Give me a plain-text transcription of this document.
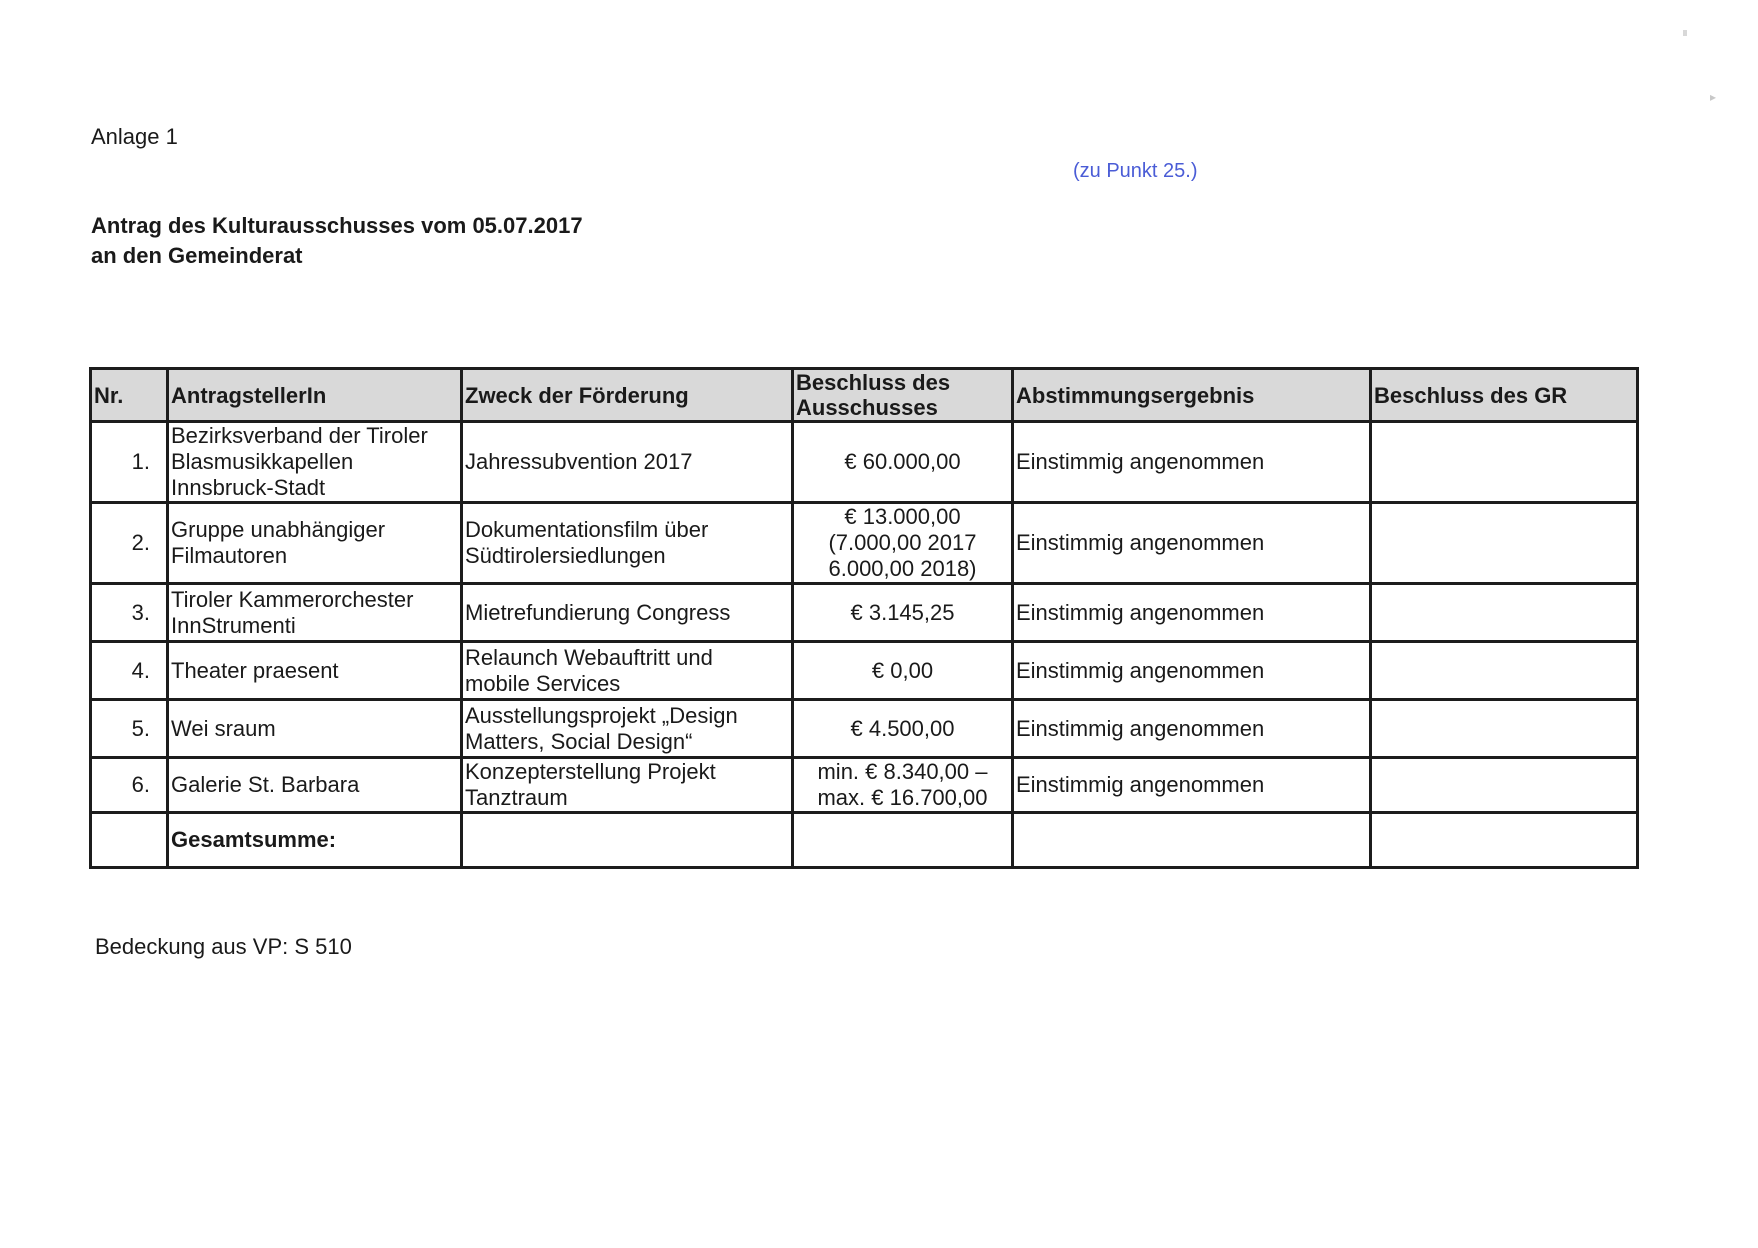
▸
Anlage 1
(zu Punkt 25.)
Antrag des Kulturausschusses vom 05.07.2017
an den Gemeinderat
Nr.	AntragstellerIn	Zweck der Förderung	Beschluss des
Ausschusses	Abstimmungsergebnis	Beschluss des GR
1.	Bezirksverband der Tiroler
Blasmusikkapellen
Innsbruck-Stadt	Jahressubvention 2017	€ 60.000,00	Einstimmig angenommen	
2.	Gruppe unabhängiger
Filmautoren	Dokumentationsfilm über
Südtirolersiedlungen	€ 13.000,00
(7.000,00 2017
6.000,00 2018)	Einstimmig angenommen	
3.	Tiroler Kammerorchester
InnStrumenti	Mietrefundierung Congress	€ 3.145,25	Einstimmig angenommen	
4.	Theater praesent	Relaunch Webauftritt und
mobile Services	€ 0,00	Einstimmig angenommen	
5.	Wei sraum	Ausstellungsprojekt „Design
Matters, Social Design“	€ 4.500,00	Einstimmig angenommen	
6.	Galerie St. Barbara	Konzepterstellung Projekt
Tanztraum	min. € 8.340,00 –
max. € 16.700,00	Einstimmig angenommen	
	Gesamtsumme:				
Bedeckung aus VP: S 510
